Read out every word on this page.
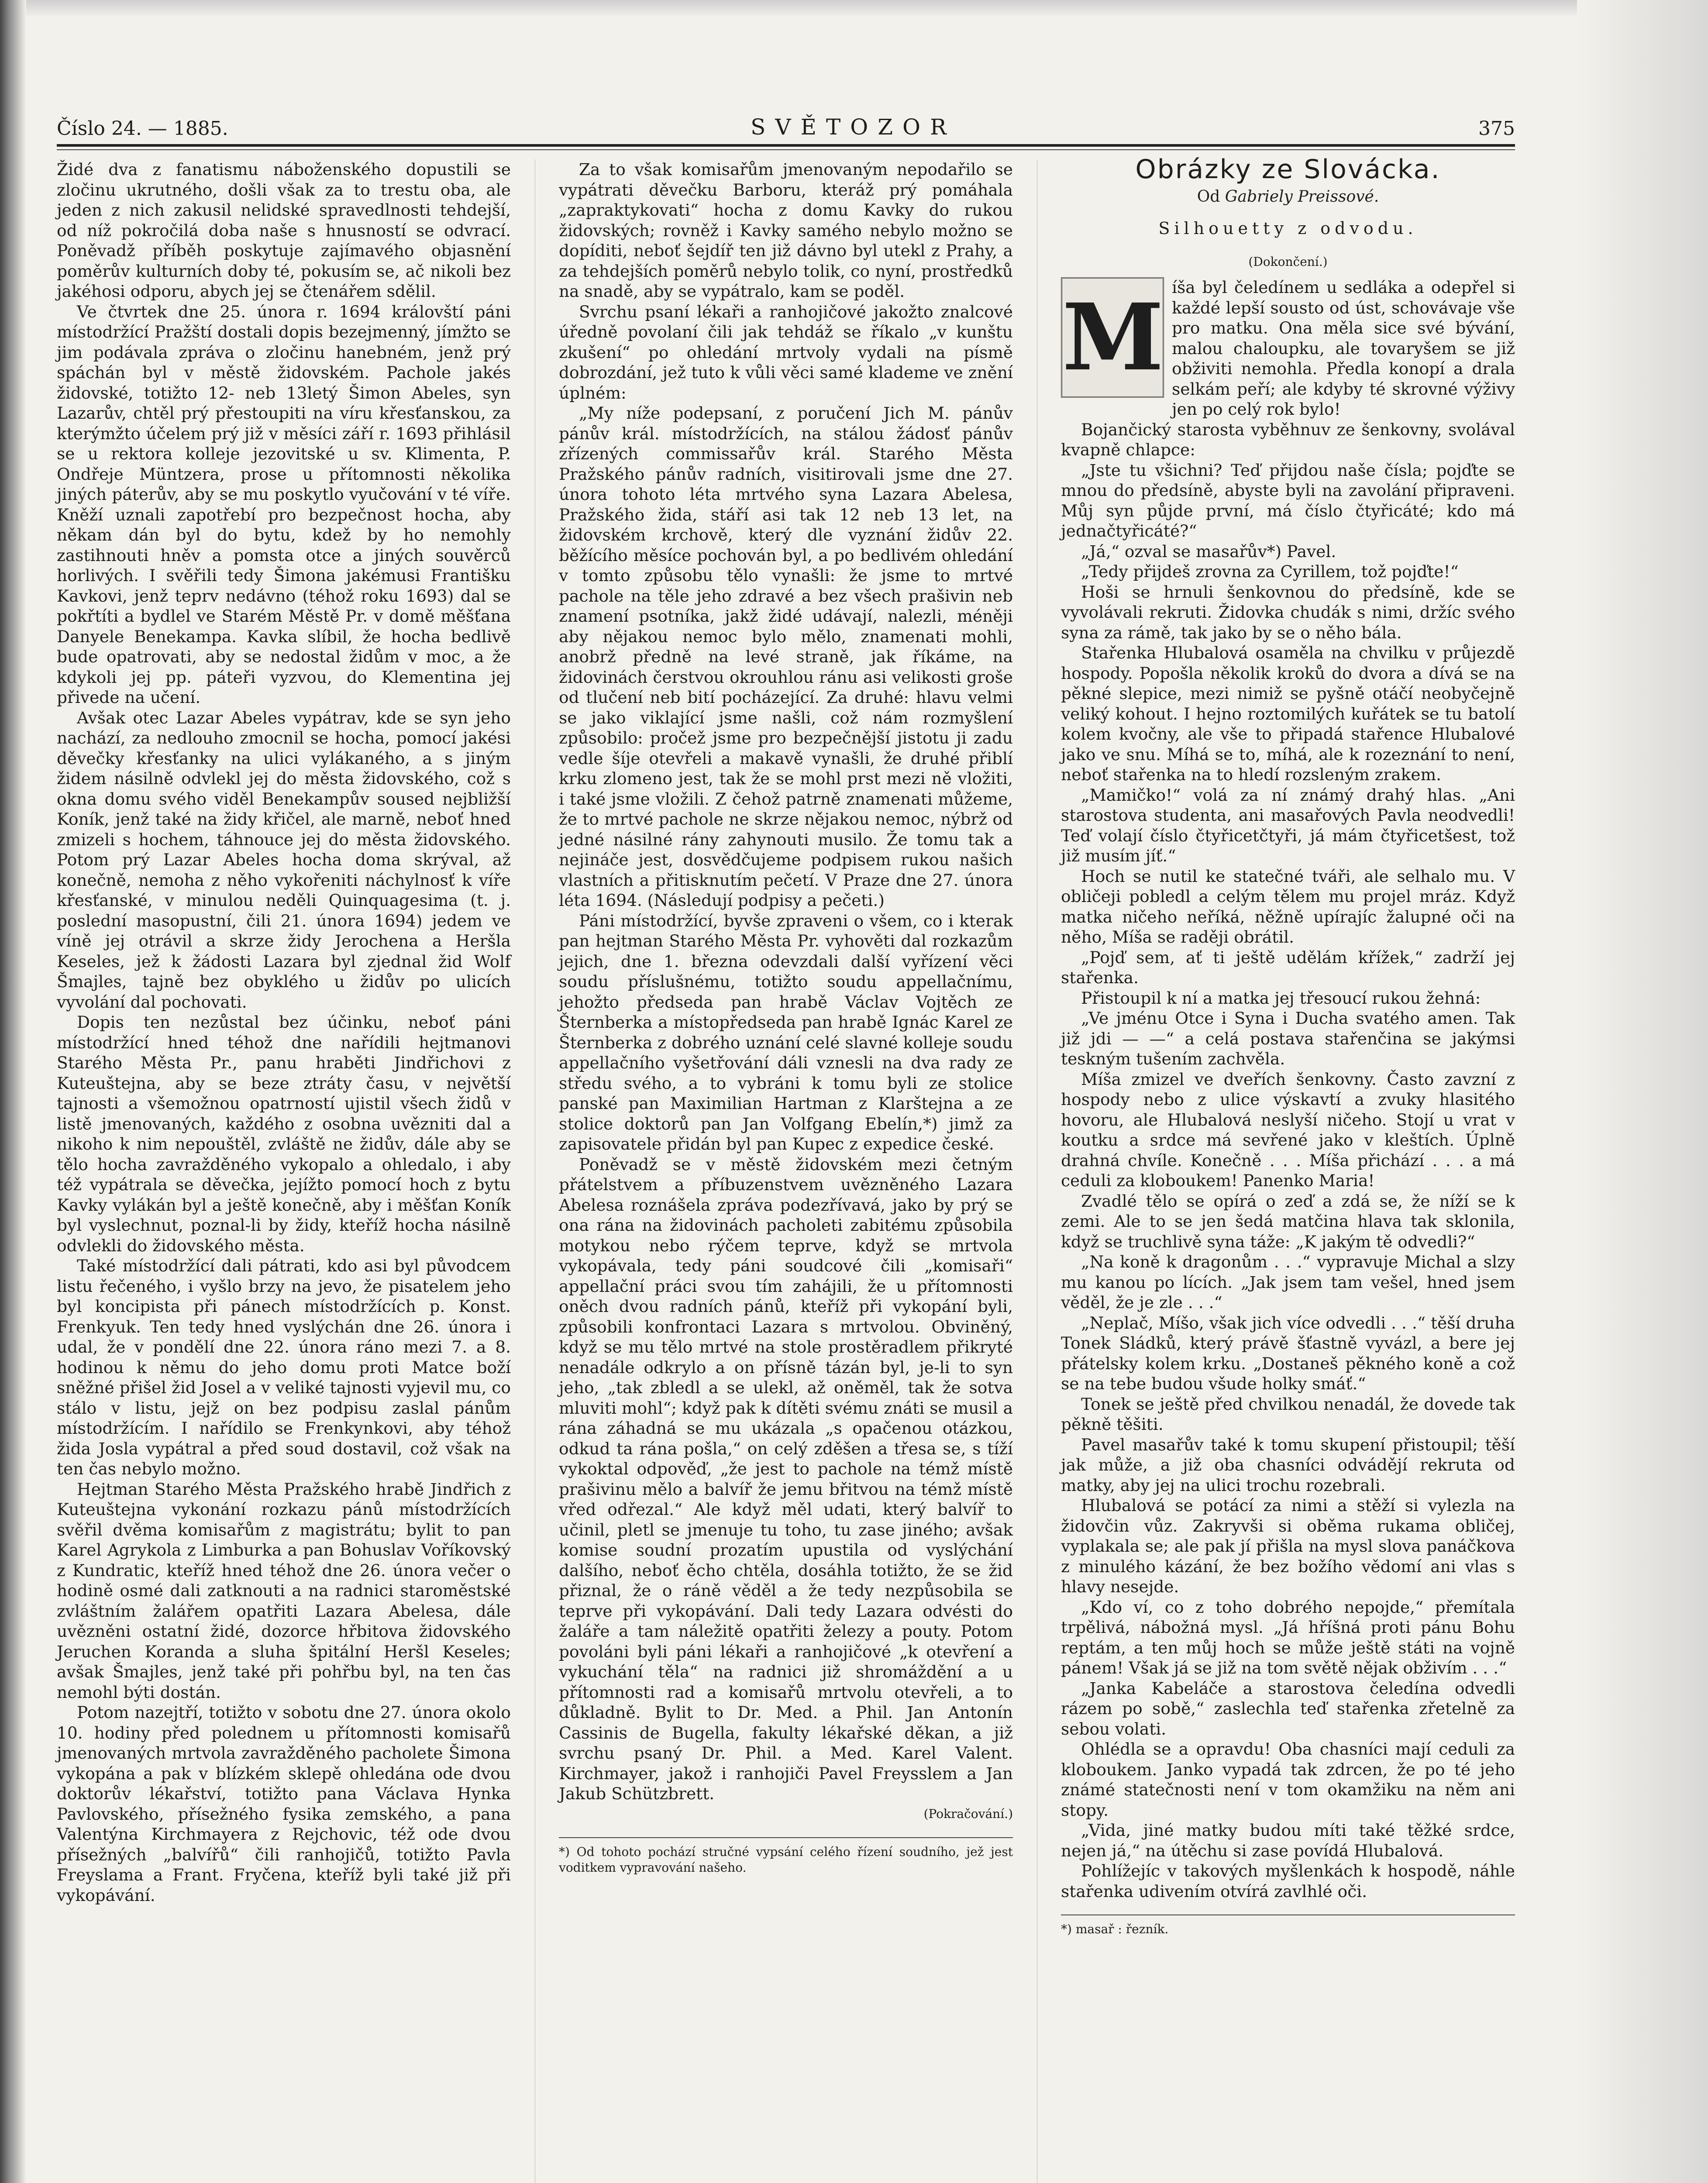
Číslo 24. — 1885.	SVĚTOZOR	375

Židé dva z fanatismu náboženského dopustili se zločinu ukrutného, došli však za to trestu oba, ale jeden z nich zakusil nelidské spravedlnosti tehdejší, od níž pokročilá doba naše s hnusností se odvrací. Poněvadž příběh poskytuje zajímavého objasnění poměrův kulturních doby té, pokusím se, ač nikoli bez jakéhosi odporu, abych jej se čtenářem sdělil.

Ve čtvrtek dne 25. února r. 1694 královští páni místodržící Pražští dostali dopis bezejmenný, jímžto se jim podávala zpráva o zločinu hanebném, jenž prý spáchán byl v městě židovském. Pachole jakés židovské, totižto 12- neb 13letý Šimon Abeles, syn Lazarův, chtěl prý přestoupiti na víru křesťanskou, za kterýmžto účelem prý již v měsíci září r. 1693 přihlásil se u rektora kolleje jezovitské u sv. Klimenta, P. Ondřeje Müntzera, prose u přítomnosti několika jiných páterův, aby se mu poskytlo vyučování v té víře. Kněží uznali zapotřebí pro bezpečnost hocha, aby někam dán byl do bytu, kdež by ho nemohly zastihnouti hněv a pomsta otce a jiných souvěrců horlivých. I svěřili tedy Šimona jakémusi Františku Kavkovi, jenž teprv nedávno (téhož roku 1693) dal se pokřtíti a bydlel ve Starém Městě Pr. v domě měšťana Danyele Benekampa. Kavka slíbil, že hocha bedlivě bude opatrovati, aby se nedostal židům v moc, a že kdykoli jej pp. páteři vyzvou, do Klementina jej přivede na učení.

Avšak otec Lazar Abeles vypátrav, kde se syn jeho nachází, za nedlouho zmocnil se hocha, pomocí jakési děvečky křesťanky na ulici vylákaného, a s jiným židem násilně odvlekl jej do města židovského, což s okna domu svého viděl Benekampův soused nejbližší Koník, jenž také na židy křičel, ale marně, neboť hned zmizeli s hochem, táhnouce jej do města židovského. Potom prý Lazar Abeles hocha doma skrýval, až konečně, nemoha z něho vykořeniti náchylnosť k víře křesťanské, v minulou neděli Quinquagesima (t. j. poslední masopustní, čili 21. února 1694) jedem ve víně jej otrávil a skrze židy Jerochena a Heršla Keseles, jež k žádosti Lazara byl zjednal žid Wolf Šmajles, tajně bez obyklého u židův po ulicích vyvolání dal pochovati.

Dopis ten nezůstal bez účinku, neboť páni místodržící hned téhož dne nařídili hejtmanovi Starého Města Pr., panu hraběti Jindřichovi z Kuteuštejna, aby se beze ztráty času, v největší tajnosti a všemožnou opatrností ujistil všech židů v listě jmenovaných, každého z osobna uvězniti dal a nikoho k nim nepouštěl, zvláště ne židův, dále aby se tělo hocha zavražděného vykopalo a ohledalo, i aby též vypátrala se děvečka, jejížto pomocí hoch z bytu Kavky vylákán byl a ještě konečně, aby i měšťan Koník byl vyslechnut, poznal-li by židy, kteříž hocha násilně odvlekli do židovského města.

Také místodržící dali pátrati, kdo asi byl původcem listu řečeného, i vyšlo brzy na jevo, že pisatelem jeho byl koncipista při pánech místodržících p. Konst. Frenkyuk. Ten tedy hned vyslýchán dne 26. února i udal, že v pondělí dne 22. února ráno mezi 7. a 8. hodinou k němu do jeho domu proti Matce boží sněžné přišel žid Josel a v veliké tajnosti vyjevil mu, co stálo v listu, jejž on bez podpisu zaslal pánům místodržícím. I nařídilo se Frenkynkovi, aby téhož žida Josla vypátral a před soud dostavil, což však na ten čas nebylo možno.

Hejtman Starého Města Pražského hrabě Jindřich z Kuteuštejna vykonání rozkazu pánů místodržících svěřil dvěma komisařům z magistrátu; bylit to pan Karel Agrykola z Limburka a pan Bohuslav Voříkovský z Kundratic, kteříž hned téhož dne 26. února večer o hodině osmé dali zatknouti a na radnici staroměstské zvláštním žalářem opatřiti Lazara Abelesa, dále uvězněni ostatní židé, dozorce hřbitova židovského Jeruchen Koranda a sluha špitální Heršl Keseles; avšak Šmajles, jenž také při pohřbu byl, na ten čas nemohl býti dostán.

Potom nazejtří, totižto v sobotu dne 27. února okolo 10. hodiny před polednem u přítomnosti komisařů jmenovaných mrtvola zavražděného pacholete Šimona vykopána a pak v blízkém sklepě ohledána ode dvou doktorův lékařství, totižto pana Václava Hynka Pavlovského, přísežného fysika zemského, a pana Valentýna Kirchmayera z Rejchovic, též ode dvou přísežných „balvířů“ čili ranhojičů, totižto Pavla Freyslama a Frant. Fryčena, kteříž byli také již při vykopávání.

Za to však komisařům jmenovaným nepodařilo se vypátrati děvečku Barboru, kteráž prý pomáhala „zapraktykovati“ hocha z domu Kavky do rukou židovských; rovněž i Kavky samého nebylo možno se dopíditi, neboť šejdíř ten již dávno byl utekl z Prahy, a za tehdejších poměrů nebylo tolik, co nyní, prostředků na snadě, aby se vypátralo, kam se poděl.

Svrchu psaní lékaři a ranhojičové jakožto znalcové úředně povolaní čili jak tehdáž se říkalo „v kunštu zkušení“ po ohledání mrtvoly vydali na písmě dobrozdání, jež tuto k vůli věci samé klademe ve znění úplném:

„My níže podepsaní, z poručení Jich M. pánův pánův král. místodržících, na stálou žádosť pánův zřízených commissařův král. Starého Města Pražského pánův radních, visitirovali jsme dne 27. února tohoto léta mrtvého syna Lazara Abelesa, Pražského žida, stáří asi tak 12 neb 13 let, na židovském krchově, který dle vyznání židův 22. běžícího měsíce pochován byl, a po bedlivém ohledání v tomto způsobu tělo vynašli: že jsme to mrtvé pachole na těle jeho zdravé a bez všech prašivin neb znamení psotníka, jakž židé udávají, nalezli, méněji aby nějakou nemoc bylo mělo, znamenati mohli, anobrž předně na levé straně, jak říkáme, na židovinách čerstvou okrouhlou ránu asi velikosti groše od tlučení neb bití pocházející. Za druhé: hlavu velmi se jako viklající jsme našli, což nám rozmyšlení způsobilo: pročež jsme pro bezpečnější jistotu ji zadu vedle šíje otevřeli a makavě vynašli, že druhé přiblí krku zlomeno jest, tak že se mohl prst mezi ně vložiti, i také jsme vložili. Z čehož patrně znamenati můžeme, že to mrtvé pachole ne skrze nějakou nemoc, nýbrž od jedné násilné rány zahynouti musilo. Že tomu tak a nejináče jest, dosvědčujeme podpisem rukou našich vlastních a přitisknutím pečetí. V Praze dne 27. února léta 1694. (Následují podpisy a pečeti.)

Páni místodržící, byvše zpraveni o všem, co i kterak pan hejtman Starého Města Pr. vyhověti dal rozkazům jejich, dne 1. března odevzdali další vyřízení věci soudu příslušnému, totižto soudu appellačnímu, jehožto předseda pan hrabě Václav Vojtěch ze Šternberka a místopředseda pan hrabě Ignác Karel ze Šternberka z dobrého uznání celé slavné kolleje soudu appellačního vyšetřování dáli vznesli na dva rady ze středu svého, a to vybráni k tomu byli ze stolice panské pan Maximilian Hartman z Klarštejna a ze stolice doktorů pan Jan Volfgang Ebelín,*) jimž za zapisovatele přidán byl pan Kupec z expedice české.

Poněvadž se v městě židovském mezi četným přátelstvem a příbuzenstvem uvězněného Lazara Abelesa roznášela zpráva podezřívavá, jako by prý se ona rána na židovinách pacholeti zabitému způsobila motykou nebo rýčem teprve, když se mrtvola vykopávala, tedy páni soudcové čili „komisaři“ appellační práci svou tím zahájili, že u přítomnosti oněch dvou radních pánů, kteříž při vykopání byli, způsobili konfrontaci Lazara s mrtvolou. Obviněný, když se mu tělo mrtvé na stole prostěradlem přikryté nenadále odkrylo a on přísně tázán byl, je-li to syn jeho, „tak zbledl a se ulekl, až oněměl, tak že sotva mluviti mohl“; když pak k dítěti svému znáti se musil a rána záhadná se mu ukázala „s opačenou otázkou, odkud ta rána pošla,“ on celý zděšen a třesa se, s tíží vykoktal odpověď, „že jest to pachole na témž místě prašivinu mělo a balvíř že jemu břitvou na témž místě vřed odřezal.“ Ale když měl udati, který balvíř to učinil, pletl se jmenuje tu toho, tu zase jiného; avšak komise soudní prozatím upustila od vyslýchání dalšího, neboť ěcho chtěla, dosáhla totižto, že se žid přiznal, že o ráně věděl a že tedy nezpůsobila se teprve při vykopávání. Dali tedy Lazara odvésti do žaláře a tam náležitě opatřiti železy a pouty. Potom povoláni byli páni lékaři a ranhojičové „k otevření a vykuchání těla“ na radnici již shromáždění a u přítomnosti rad a komisařů mrtvolu otevřeli, a to důkladně. Bylit to Dr. Med. a Phil. Jan Antonín Cassinis de Bugella, fakulty lékařské děkan, a již svrchu psaný Dr. Phil. a Med. Karel Valent. Kirchmayer, jakož i ranhojiči Pavel Freysslem a Jan Jakub Schützbrett.

(Pokračování.)
*) Od tohoto pochází stručné vypsání celého řízení soudního, jež jest voditkem vypravování našeho.
Obrázky ze Slovácka.
Od Gabriely Preissové.
Silhouetty z odvodu.
(Dokončení.)
M íša byl čeledínem u sedláka a odepřel si každé lepší sousto od úst, schovávaje vše pro matku. Ona měla sice své bývání, malou chaloupku, ale tovaryšem se již obživiti nemohla. Předla konopí a drala selkám peří; ale kdyby té skrovné výživy jen po celý rok bylo!

Bojančický starosta vyběhnuv ze šenkovny, svolával kvapně chlapce:

„Jste tu všichni? Teď přijdou naše čísla; pojďte se mnou do předsíně, abyste byli na zavolání připraveni. Můj syn půjde první, má číslo čtyřicáté; kdo má jednačtyřicáté?“

„Já,“ ozval se masařův*) Pavel.

„Tedy přijdeš zrovna za Cyrillem, tož pojďte!“

Hoši se hrnuli šenkovnou do předsíně, kde se vyvolávali rekruti. Židovka chudák s nimi, držíc svého syna za rámě, tak jako by se o něho bála.

Stařenka Hlubalová osaměla na chvilku v průjezdě hospody. Popošla několik kroků do dvora a dívá se na pěkné slepice, mezi nimiž se pyšně otáčí neobyčejně veliký kohout. I hejno roztomilých kuřátek se tu batolí kolem kvočny, ale vše to připadá stařence Hlubalové jako ve snu. Míhá se to, míhá, ale k rozeznání to není, neboť stařenka na to hledí rozsleným zrakem.

„Mamičko!“ volá za ní známý drahý hlas. „Ani starostova studenta, ani masařových Pavla neodvedli! Teď volají číslo čtyřicetčtyři, já mám čtyřicetšest, tož již musím jíť.“

Hoch se nutil ke statečné tváři, ale selhalo mu. V obličeji pobledl a celým tělem mu projel mráz. Když matka ničeho neříká, něžně upírajíc žalupné oči na něho, Míša se raději obrátil.

„Pojď sem, ať ti ještě udělám křížek,“ zadrží jej stařenka.

Přistoupil k ní a matka jej třesoucí rukou žehná:

„Ve jménu Otce i Syna i Ducha svatého amen. Tak již jdi — —“ a celá postava stařenčina se jakýmsi teskným tušením zachvěla.

Míša zmizel ve dveřích šenkovny. Často zavzní z hospody nebo z ulice výskavtí a zvuky hlasitého hovoru, ale Hlubalová neslyší ničeho. Stojí u vrat v koutku a srdce má sevřené jako v kleštích. Úplně drahná chvíle. Konečně . . . Míša přichází . . . a má ceduli za kloboukem! Panenko Maria!

Zvadlé tělo se opírá o zeď a zdá se, že níží se k zemi. Ale to se jen šedá matčina hlava tak sklonila, když se truchlivě syna táže: „K jakým tě odvedli?“

„Na koně k dragonům . . .“ vypravuje Michal a slzy mu kanou po lících. „Jak jsem tam vešel, hned jsem věděl, že je zle . . .“

„Neplač, Míšo, však jich více odvedli . . .“ těší druha Tonek Sládků, který právě šťastně vyvázl, a bere jej přátelsky kolem krku. „Dostaneš pěkného koně a což se na tebe budou všude holky smáť.“

Tonek se ještě před chvilkou nenadál, že dovede tak pěkně těšiti.

Pavel masařův také k tomu skupení přistoupil; těší jak může, a již oba chasníci odvádějí rekruta od matky, aby jej na ulici trochu rozebrali.

Hlubalová se potácí za nimi a stěží si vylezla na židovčin vůz. Zakryvši si oběma rukama obličej, vyplakala se; ale pak jí přišla na mysl slova panáčkova z minulého kázání, že bez božího vědomí ani vlas s hlavy nesejde.

„Kdo ví, co z toho dobrého nepojde,“ přemítala trpělivá, nábožná mysl. „Já hříšná proti pánu Bohu reptám, a ten můj hoch se může ještě státi na vojně pánem! Však já se již na tom světě nějak obživím . . .“

„Janka Kabeláče a starostova čeledína odvedli rázem po sobě,“ zaslechla teď stařenka zřetelně za sebou volati.

Ohlédla se a opravdu! Oba chasníci mají ceduli za kloboukem. Janko vypadá tak zdrcen, že po té jeho známé statečnosti není v tom okamžiku na něm ani stopy.

„Vida, jiné matky budou míti také těžké srdce, nejen já,“ na útěchu si zase povídá Hlubalová.

Pohlížejíc v takových myšlenkách k hospodě, náhle stařenka udivením otvírá zavlhlé oči.

*) masař : řezník.
